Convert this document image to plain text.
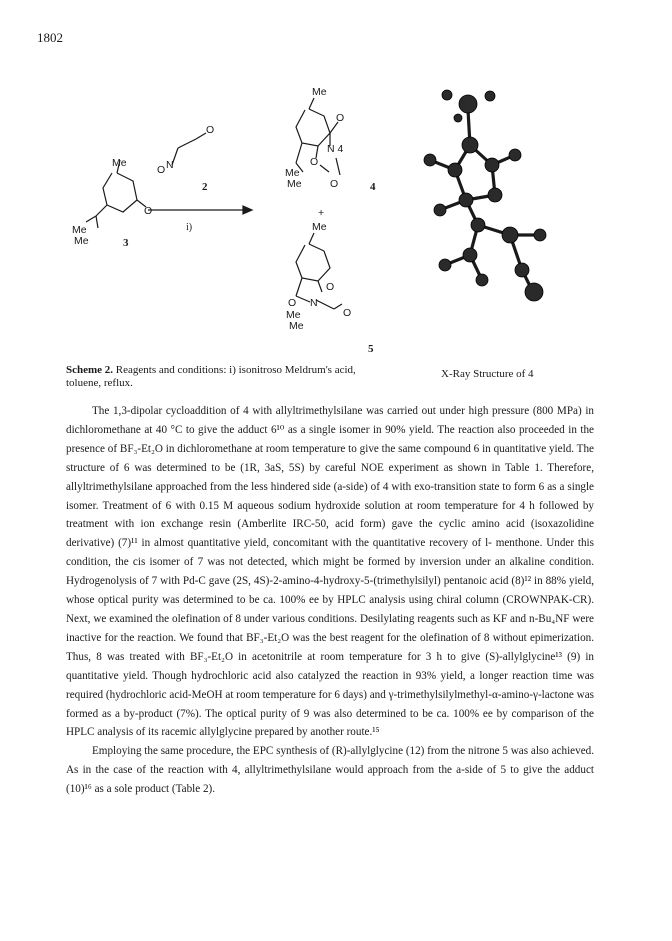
1802
Me
O
Me
Me	3
O N
O
2
i)
Me
O
N 4
O
Me
Me	O	4
+
Me
O
O N
O
Me
Me
5
Scheme 2. Reagents and conditions: i) isonitroso Meldrum's acid, toluene, reflux.
X-Ray Structure of 4

The 1,3-dipolar cycloaddition of 4 with allyltrimethylsilane was carried out under high pressure (800 MPa) in dichloromethane at 40 °C to give the adduct 6¹⁰ as a single isomer in 90% yield. The reaction also proceeded in the presence of BF₃-Et₂O in dichloromethane at room temperature to give the same compound 6 in quantitative yield. The structure of 6 was determined to be (1R, 3aS, 5S) by careful NOE experiment as shown in Table 1. Therefore, allyltrimethylsilane approached from the less hindered side (a-side) of 4 with exo-transition state to form 6 as a single isomer. Treatment of 6 with 0.15 M aqueous sodium hydroxide solution at room temperature for 4 h followed by treatment with ion exchange resin (Amberlite IRC-50, acid form) gave the cyclic amino acid (isoxazolidine derivative) (7)¹¹ in almost quantitative yield, concomitant with the quantitative recovery of l- menthone. Under this condition, the cis isomer of 7 was not detected, which might be formed by inversion under an alkaline condition. Hydrogenolysis of 7 with Pd-C gave (2S, 4S)-2-amino-4-hydroxy-5-(trimethylsilyl) pentanoic acid (8)¹² in 88% yield, whose optical purity was determined to be ca. 100% ee by HPLC analysis using chiral column (CROWNPAK-CR). Next, we examined the olefination of 8 under various conditions. Desilylating reagents such as KF and n-Bu₄NF were inactive for the reaction. We found that BF₃-Et₂O was the best reagent for the olefination of 8 without epimerization. Thus, 8 was treated with BF₃-Et₂O in acetonitrile at room temperature for 3 h to give (S)-allylglycine¹³ (9) in quantitative yield. Though hydrochloric acid also catalyzed the reaction in 93% yield, a longer reaction time was required (hydrochloric acid-MeOH at room temperature for 6 days) and γ-trimethylsilylmethyl-α-amino-γ-lactone was formed as a by-product (7%). The optical purity of 9 was also determined to be ca. 100% ee by comparison of the HPLC analysis of its racemic allylglycine prepared by another route.¹⁵

Employing the same procedure, the EPC synthesis of (R)-allylglycine (12) from the nitrone 5 was also achieved. As in the case of the reaction with 4, allyltrimethylsilane would approach from the a-side of 5 to give the adduct (10)¹⁶ as a sole product (Table 2).
